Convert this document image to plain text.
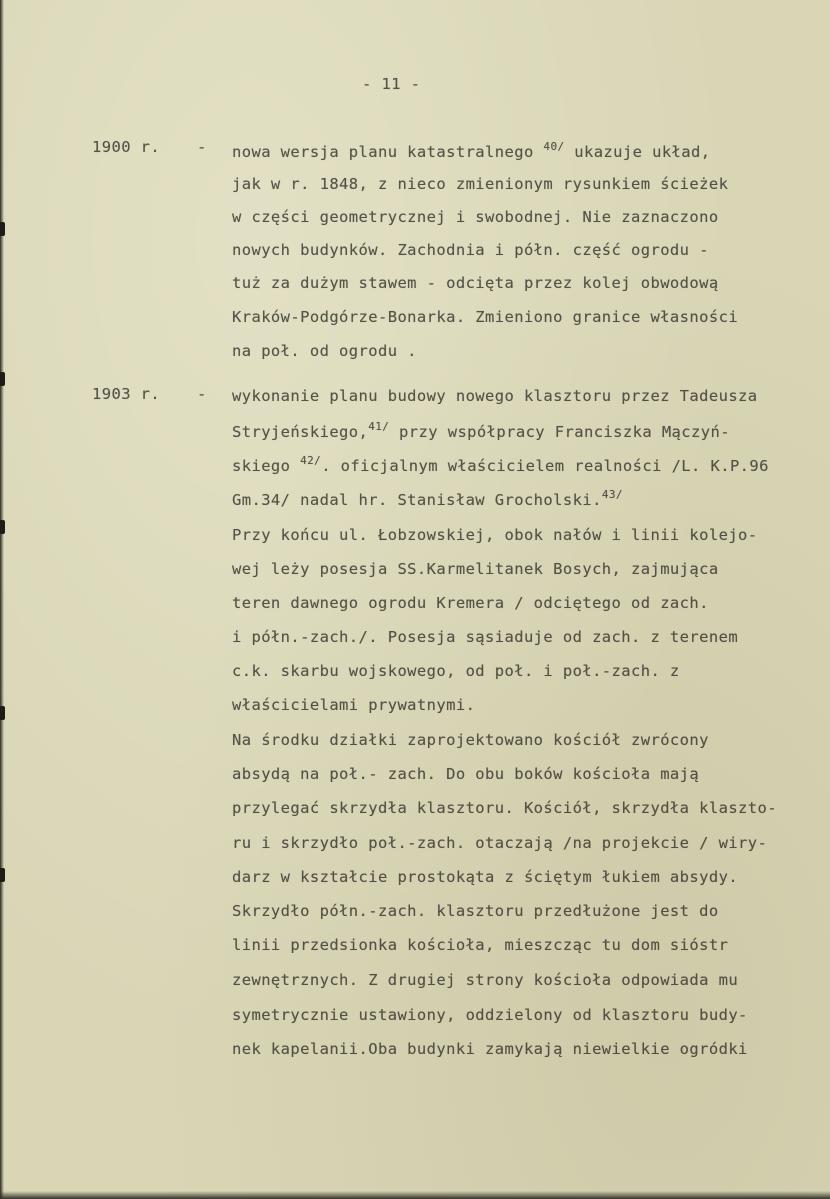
- 11 -
1900 r. - nowa wersja planu katastralnego $^{40/}$ ukazuje układ,
jak w r. 1848, z nieco zmienionym rysunkiem ścieżek
w części geometrycznej i swobodnej. Nie zaznaczono
nowych budynków. Zachodnia i półn. część ogrodu -
tuż za dużym stawem - odcięta przez kolej obwodową
Kraków-Podgórze-Bonarka. Zmieniono granice własności
na poł. od ogrodu .
1903 r. - wykonanie planu budowy nowego klasztoru przez Tadeusza
Stryjeńskiego,$^{41/}$ przy współpracy Franciszka Mączyń-
skiego $^{42/}$. oficjalnym właścicielem realności /L. K.P.96
Gm.34/ nadal hr. Stanisław Grocholski.$^{43/}$
Przy końcu ul. Łobzowskiej, obok nałów i linii kolejo-
wej leży posesja SS.Karmelitanek Bosych, zajmująca
teren dawnego ogrodu Kremera / odciętego od zach.
i półn.-zach./. Posesja sąsiaduje od zach. z terenem
c.k. skarbu wojskowego, od poł. i poł.-zach. z
właścicielami prywatnymi.
Na środku działki zaprojektowano kościół zwrócony
absydą na poł.- zach. Do obu boków kościoła mają
przylegać skrzydła klasztoru. Kościół, skrzydła klaszto-
ru i skrzydło poł.-zach. otaczają /na projekcie / wiry-
darz w kształcie prostokąta z ściętym łukiem absydy.
Skrzydło półn.-zach. klasztoru przedłużone jest do
linii przedsionka kościoła, mieszcząc tu dom sióstr
zewnętrznych. Z drugiej strony kościoła odpowiada mu
symetrycznie ustawiony, oddzielony od klasztoru budy-
nek kapelanii.Oba budynki zamykają niewielkie ogródki
